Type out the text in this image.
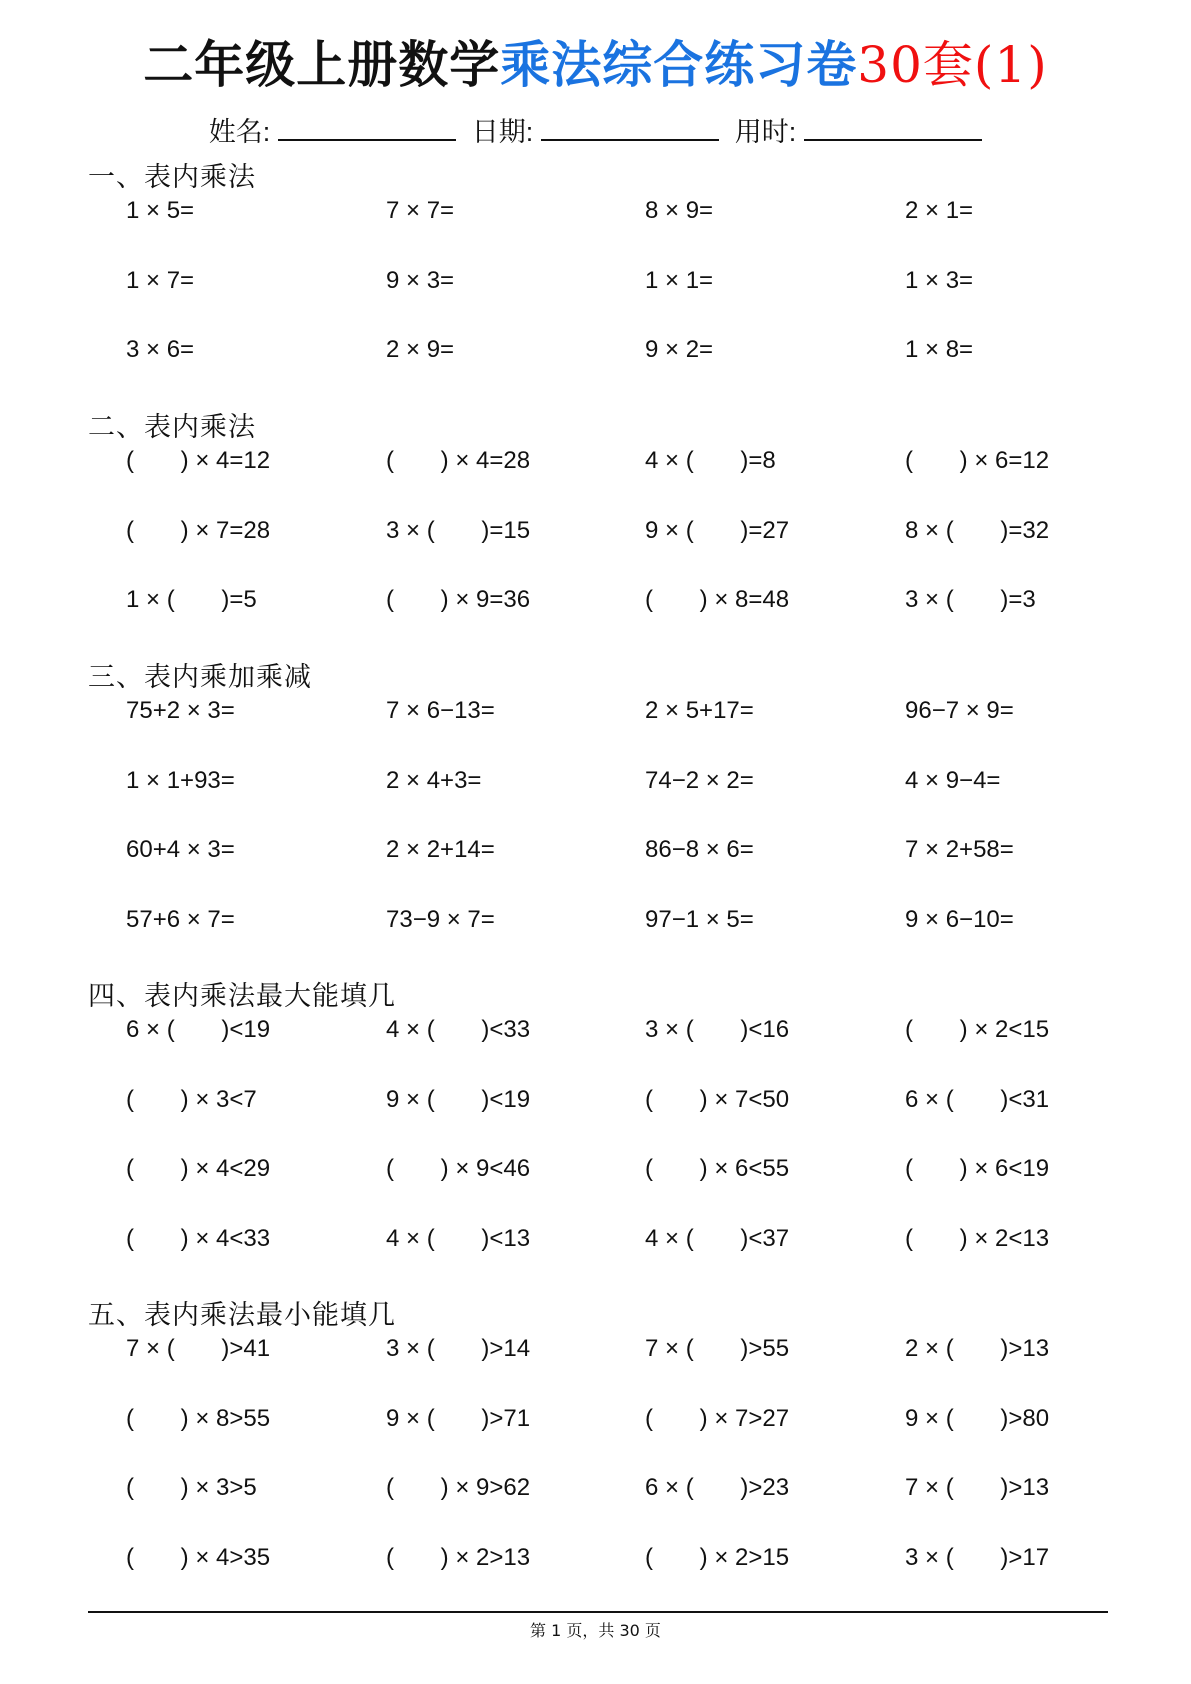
二年级上册数学乘法综合练习卷30套(1)
姓名:	日期:	用时:
一、表内乘法
1 × 5=	7 × 7=	8 × 9=	2 × 1=
1 × 7=	9 × 3=	1 × 1=	1 × 3=
3 × 6=	2 × 9=	9 × 2=	1 × 8=
二、表内乘法
(       ) × 4=12	(       ) × 4=28	4 × (       )=8	(       ) × 6=12
(       ) × 7=28	3 × (       )=15	9 × (       )=27	8 × (       )=32
1 × (       )=5	(       ) × 9=36	(       ) × 8=48	3 × (       )=3
三、表内乘加乘减
75+2 × 3=	7 × 6−13=	2 × 5+17=	96−7 × 9=
1 × 1+93=	2 × 4+3=	74−2 × 2=	4 × 9−4=
60+4 × 3=	2 × 2+14=	86−8 × 6=	7 × 2+58=
57+6 × 7=	73−9 × 7=	97−1 × 5=	9 × 6−10=
四、表内乘法最大能填几
6 × (       )<19	4 × (       )<33	3 × (       )<16	(       ) × 2<15
(       ) × 3<7	9 × (       )<19	(       ) × 7<50	6 × (       )<31
(       ) × 4<29	(       ) × 9<46	(       ) × 6<55	(       ) × 6<19
(       ) × 4<33	4 × (       )<13	4 × (       )<37	(       ) × 2<13
五、表内乘法最小能填几
7 × (       )>41	3 × (       )>14	7 × (       )>55	2 × (       )>13
(       ) × 8>55	9 × (       )>71	(       ) × 7>27	9 × (       )>80
(       ) × 3>5	(       ) × 9>62	6 × (       )>23	7 × (       )>13
(       ) × 4>35	(       ) × 2>13	(       ) × 2>15	3 × (       )>17
第 1 页，共 30 页
